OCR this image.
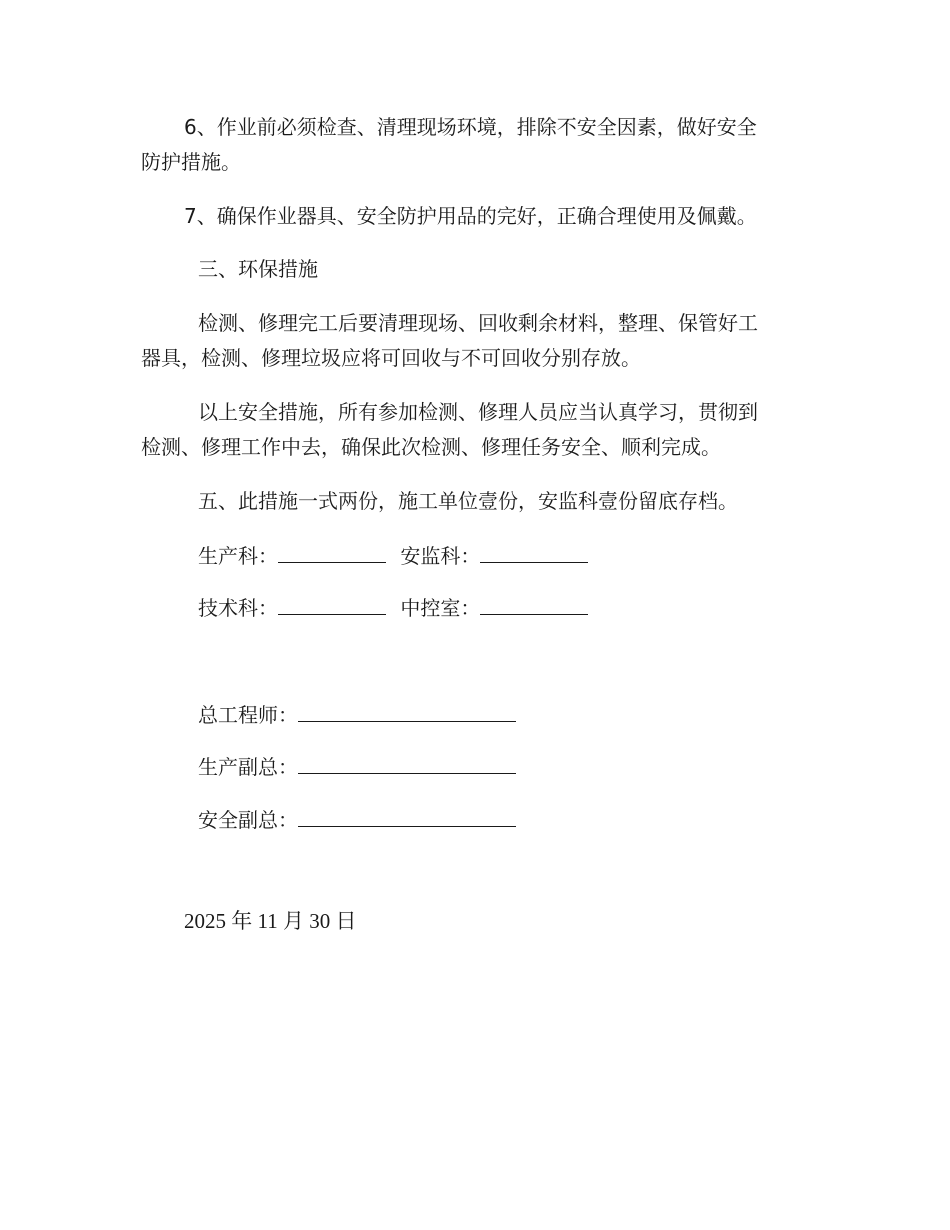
6、作业前必须检查、清理现场环境，排除不安全因素，做好安全
防护措施。
7、确保作业器具、安全防护用品的完好，正确合理使用及佩戴。
三、环保措施
检测、修理完工后要清理现场、回收剩余材料，整理、保管好工
器具，检测、修理垃圾应将可回收与不可回收分别存放。
以上安全措施，所有参加检测、修理人员应当认真学习，贯彻到
检测、修理工作中去，确保此次检测、修理任务安全、顺利完成。
五、此措施一式两份，施工单位壹份，安监科壹份留底存档。
生产科：	安监科：
技术科：	中控室：
总工程师：
生产副总：
安全副总：
2025 年 11 月 30 日
